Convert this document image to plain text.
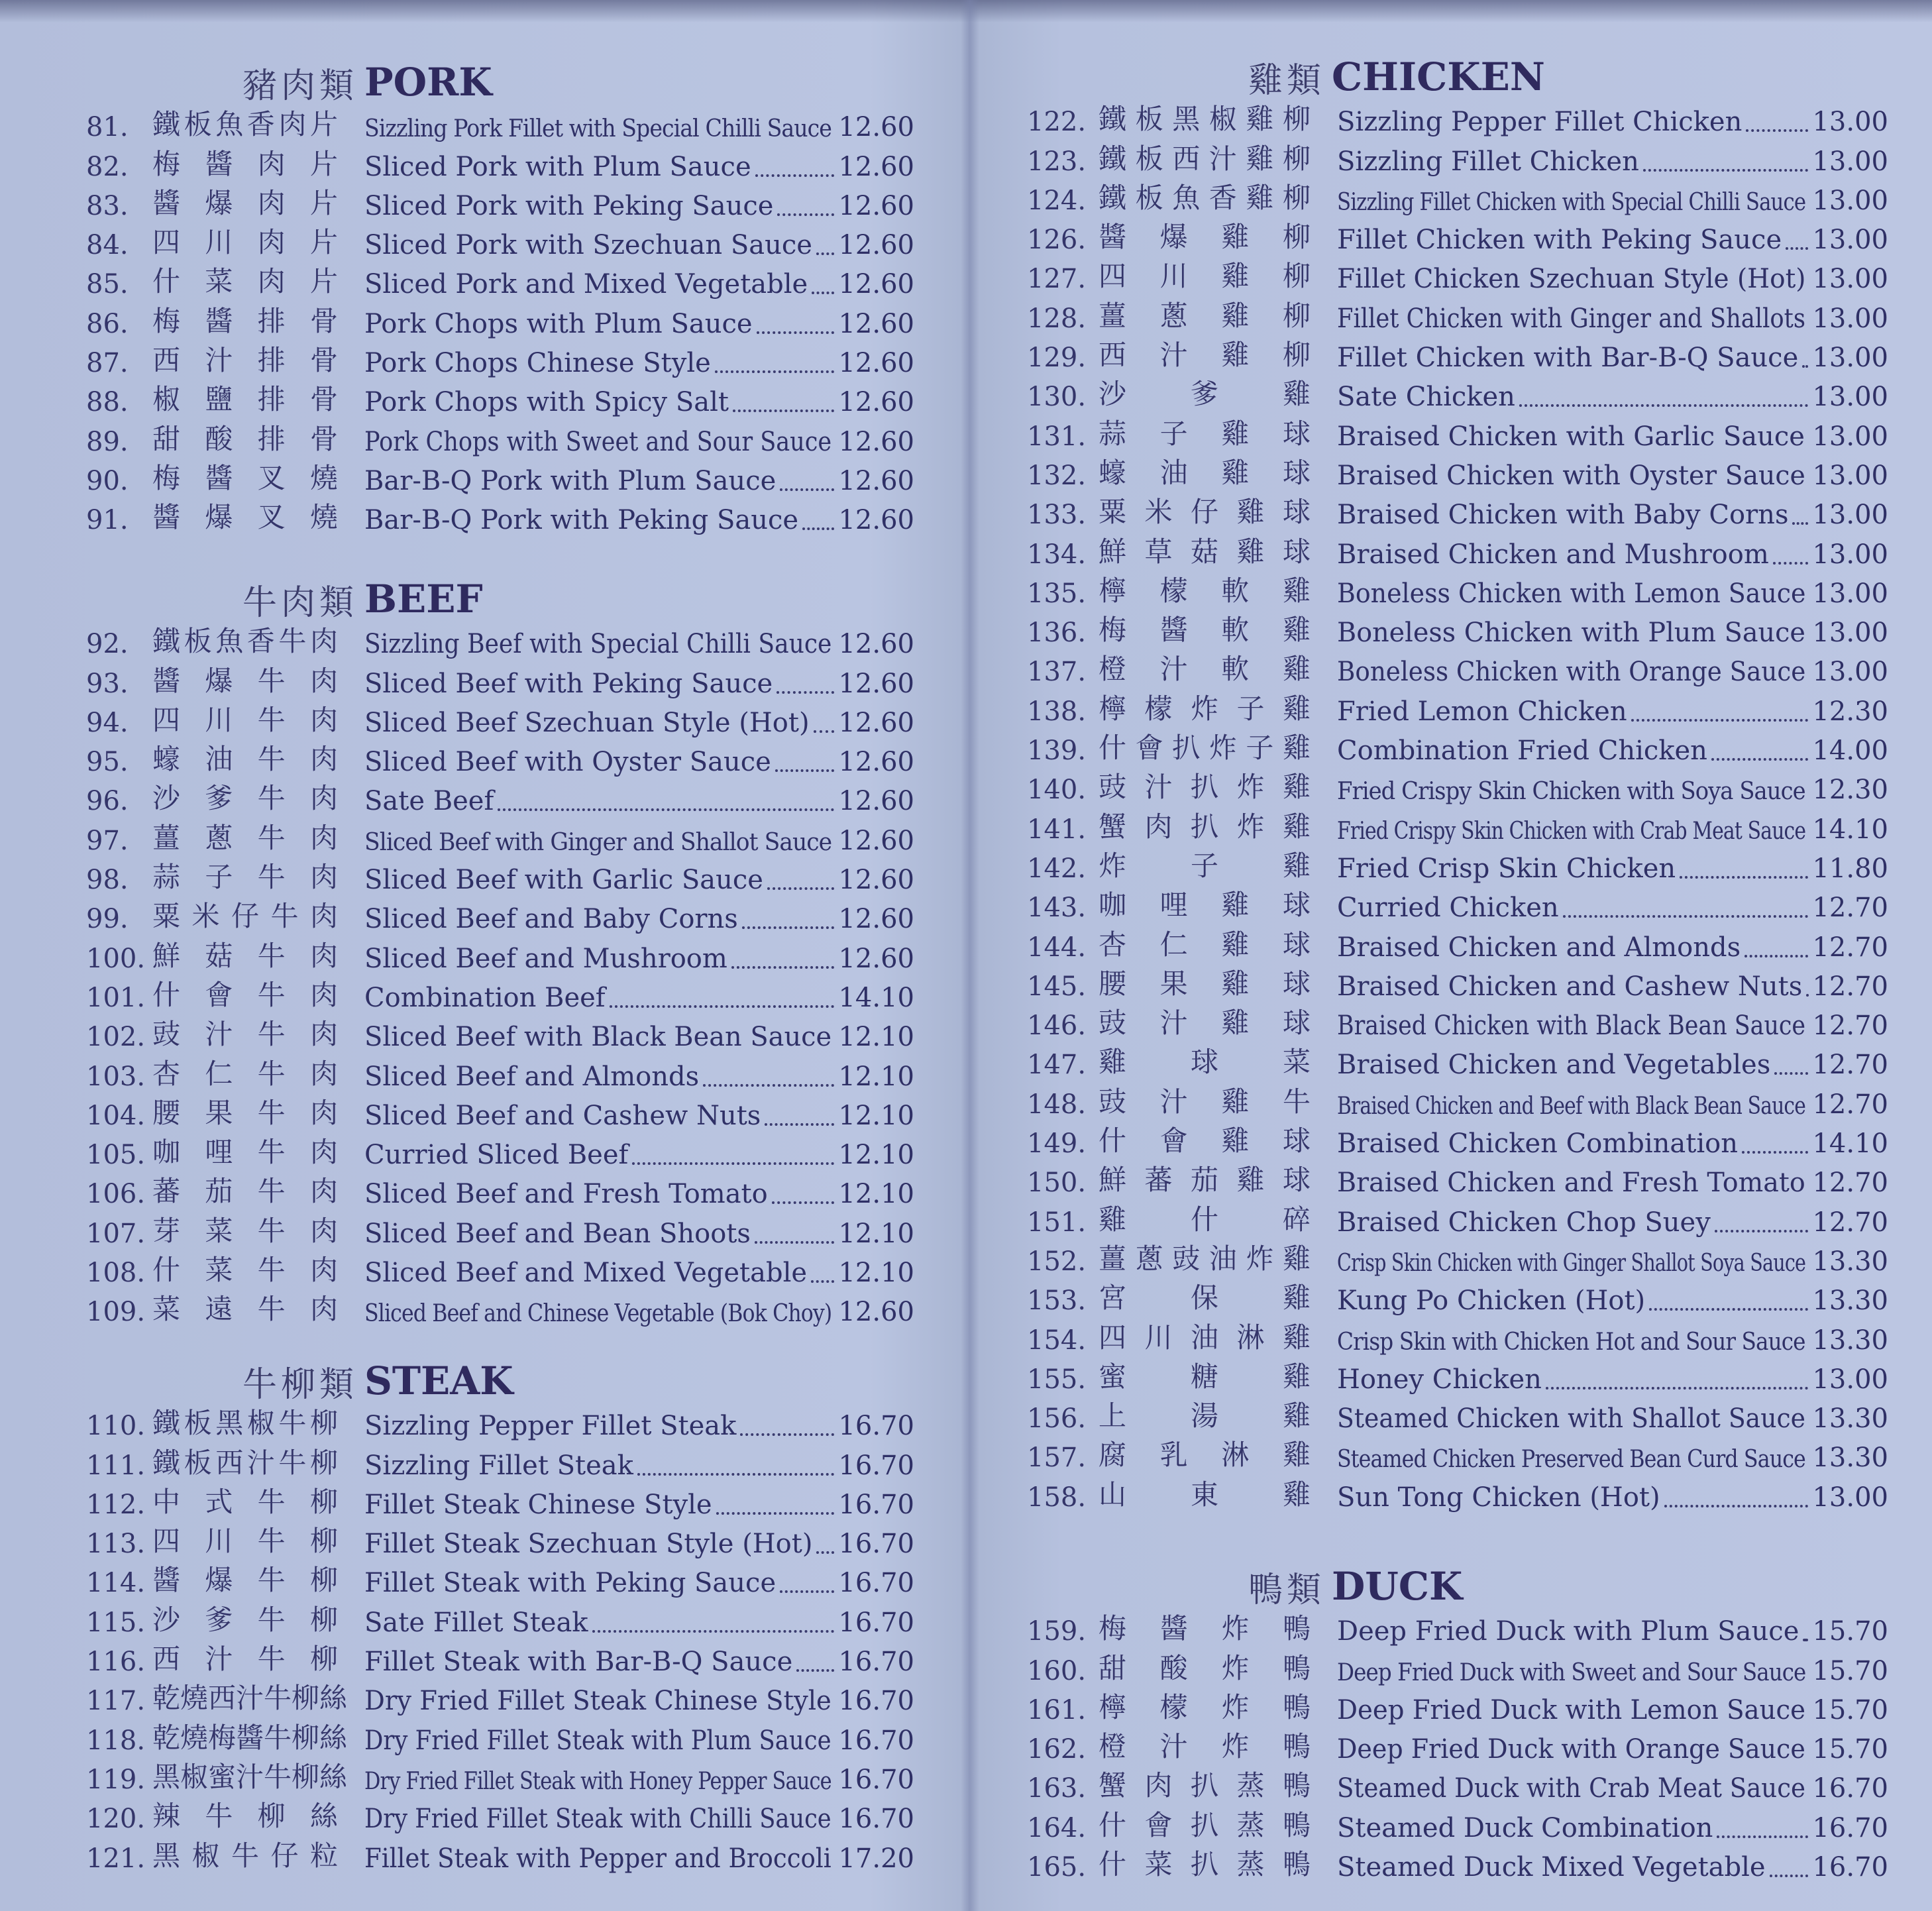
豬肉類 PORK
81. 鐵板魚香肉片 Sizzling Pork Fillet with Special Chilli Sauce 12.60
82. 梅醬肉片 Sliced Pork with Plum Sauce	12.60
83. 醬爆肉片 Sliced Pork with Peking Sauce 12.60
84. 四川肉片 Sliced Pork with Szechuan Sauce 12.60
85. 什菜肉片 Sliced Pork and Mixed Vegetable 12.60
86. 梅醬排骨 Pork Chops with Plum Sauce	12.60
87. 西汁排骨 Pork Chops Chinese Style	12.60
88. 椒鹽排骨 Pork Chops with Spicy Salt	12.60
89. 甜酸排骨 Pork Chops with Sweet and Sour Sauce 12.60
90. 梅醬叉燒 Bar-B-Q Pork with Plum Sauce 12.60
91. 醬爆叉燒 Bar-B-Q Pork with Peking Sauce 12.60
牛肉類 BEEF
92. 鐵板魚香牛肉 Sizzling Beef with Special Chilli Sauce 12.60
93. 醬爆牛肉 Sliced Beef with Peking Sauce 12.60
94. 四川牛肉 Sliced Beef Szechuan Style (Hot) 12.60
95. 蠔油牛肉 Sliced Beef with Oyster Sauce	12.60
96. 沙爹牛肉 Sate Beef	12.60
97. 薑蔥牛肉 Sliced Beef with Ginger and Shallot Sauce 12.60
98. 蒜子牛肉 Sliced Beef with Garlic Sauce	12.60
99. 粟米仔牛肉 Sliced Beef and Baby Corns	12.60
100. 鮮菇牛肉 Sliced Beef and Mushroom	12.60
101. 什會牛肉 Combination Beef	14.10
102. 豉汁牛肉 Sliced Beef with Black Bean Sauce 12.10
103. 杏仁牛肉 Sliced Beef and Almonds	12.10
104. 腰果牛肉 Sliced Beef and Cashew Nuts	12.10
105. 咖哩牛肉 Curried Sliced Beef	12.10
106. 蕃茄牛肉 Sliced Beef and Fresh Tomato	12.10
107. 芽菜牛肉 Sliced Beef and Bean Shoots	12.10
108. 什菜牛肉 Sliced Beef and Mixed Vegetable 12.10
109. 菜遠牛肉 Sliced Beef and Chinese Vegetable (Bok Choy) 12.60
牛柳類 STEAK
110. 鐵板黑椒牛柳 Sizzling Pepper Fillet Steak	16.70
111. 鐵板西汁牛柳 Sizzling Fillet Steak	16.70
112. 中式牛柳 Fillet Steak Chinese Style	16.70
113. 四川牛柳 Fillet Steak Szechuan Style (Hot) 16.70
114. 醬爆牛柳 Fillet Steak with Peking Sauce 16.70
115. 沙爹牛柳 Sate Fillet Steak	16.70
116. 西汁牛柳 Fillet Steak with Bar-B-Q Sauce 16.70
117. 乾燒西汁牛柳絲 Dry Fried Fillet Steak Chinese Style 16.70
118. 乾燒梅醬牛柳絲 Dry Fried Fillet Steak with Plum Sauce 16.70
119. 黑椒蜜汁牛柳絲 Dry Fried Fillet Steak with Honey Pepper Sauce 16.70
120. 辣牛柳絲 Dry Fried Fillet Steak with Chilli Sauce 16.70
121. 黑椒牛仔粒 Fillet Steak with Pepper and Broccoli 17.20
雞類 CHICKEN
122. 鐵板黑椒雞柳 Sizzling Pepper Fillet Chicken	13.00
123. 鐵板西汁雞柳 Sizzling Fillet Chicken	13.00
124. 鐵板魚香雞柳 Sizzling Fillet Chicken with Special Chilli Sauce 13.00
126. 醬爆雞柳 Fillet Chicken with Peking Sauce 13.00
127. 四川雞柳 Fillet Chicken Szechuan Style (Hot) 13.00
128. 薑蔥雞柳 Fillet Chicken with Ginger and Shallots 13.00
129. 西汁雞柳 Fillet Chicken with Bar-B-Q Sauce 13.00
130. 沙爹雞 Sate Chicken	13.00
131. 蒜子雞球 Braised Chicken with Garlic Sauce 13.00
132. 蠔油雞球 Braised Chicken with Oyster Sauce 13.00
133. 粟米仔雞球 Braised Chicken with Baby Corns 13.00
134. 鮮草菇雞球 Braised Chicken and Mushroom 13.00
135. 檸檬軟雞 Boneless Chicken with Lemon Sauce 13.00
136. 梅醬軟雞 Boneless Chicken with Plum Sauce 13.00
137. 橙汁軟雞 Boneless Chicken with Orange Sauce 13.00
138. 檸檬炸子雞 Fried Lemon Chicken	12.30
139. 什會扒炸子雞 Combination Fried Chicken	14.00
140. 豉汁扒炸雞 Fried Crispy Skin Chicken with Soya Sauce 12.30
141. 蟹肉扒炸雞 Fried Crispy Skin Chicken with Crab Meat Sauce 14.10
142. 炸子雞 Fried Crisp Skin Chicken	11.80
143. 咖哩雞球 Curried Chicken	12.70
144. 杏仁雞球 Braised Chicken and Almonds	12.70
145. 腰果雞球 Braised Chicken and Cashew Nuts 12.70
146. 豉汁雞球 Braised Chicken with Black Bean Sauce 12.70
147. 雞球菜 Braised Chicken and Vegetables 12.70
148. 豉汁雞牛 Braised Chicken and Beef with Black Bean Sauce 12.70
149. 什會雞球 Braised Chicken Combination	14.10
150. 鮮蕃茄雞球 Braised Chicken and Fresh Tomato 12.70
151. 雞什碎 Braised Chicken Chop Suey	12.70
152. 薑蔥豉油炸雞 Crisp Skin Chicken with Ginger Shallot Soya Sauce 13.30
153. 宮保雞 Kung Po Chicken (Hot)	13.30
154. 四川油淋雞 Crisp Skin with Chicken Hot and Sour Sauce 13.30
155. 蜜糖雞 Honey Chicken	13.00
156. 上湯雞 Steamed Chicken with Shallot Sauce 13.30
157. 腐乳淋雞 Steamed Chicken Preserved Bean Curd Sauce 13.30
158. 山東雞 Sun Tong Chicken (Hot)	13.00
鴨類 DUCK
159. 梅醬炸鴨 Deep Fried Duck with Plum Sauce 15.70
160. 甜酸炸鴨 Deep Fried Duck with Sweet and Sour Sauce 15.70
161. 檸檬炸鴨 Deep Fried Duck with Lemon Sauce 15.70
162. 橙汁炸鴨 Deep Fried Duck with Orange Sauce 15.70
163. 蟹肉扒蒸鴨 Steamed Duck with Crab Meat Sauce 16.70
164. 什會扒蒸鴨 Steamed Duck Combination	16.70
165. 什菜扒蒸鴨 Steamed Duck Mixed Vegetable 16.70
